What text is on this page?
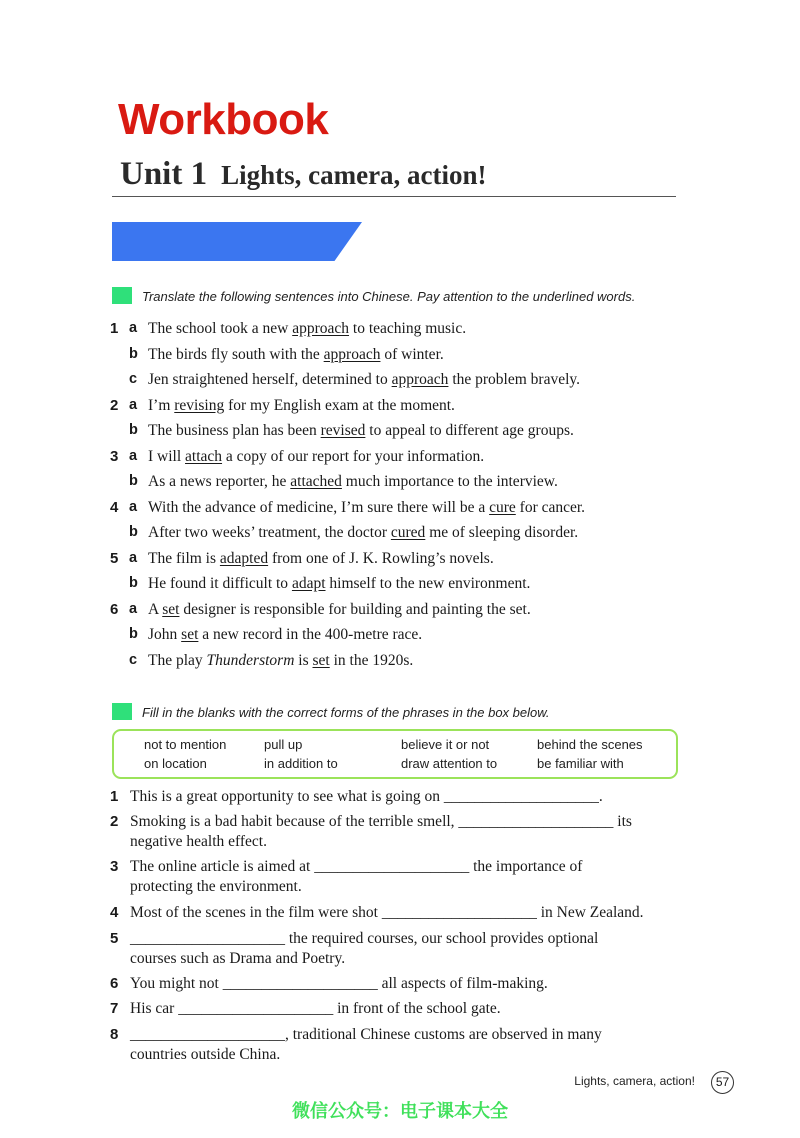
Workbook
Unit 1 Lights, camera, action!
Translate the following sentences into Chinese. Pay attention to the underlined words.
1 a The school took a new approach to teaching music.
b The birds fly south with the approach of winter.
c Jen straightened herself, determined to approach the problem bravely.
2 a I’m revising for my English exam at the moment.
b The business plan has been revised to appeal to different age groups.
3 a I will attach a copy of our report for your information.
b As a news reporter, he attached much importance to the interview.
4 a With the advance of medicine, I’m sure there will be a cure for cancer.
b After two weeks’ treatment, the doctor cured me of sleeping disorder.
5 a The film is adapted from one of J. K. Rowling’s novels.
b He found it difficult to adapt himself to the new environment.
6 a A set designer is responsible for building and painting the set.
b John set a new record in the 400-metre race.
c The play Thunderstorm is set in the 1920s.
Fill in the blanks with the correct forms of the phrases in the box below.
not to mention	pull up	believe it or not	behind the scenes
on location	in addition to	draw attention to	be familiar with
1 This is a great opportunity to see what is going on ____________________.
2 Smoking is a bad habit because of the terrible smell, ____________________ its
negative health effect.
3 The online article is aimed at ____________________ the importance of
protecting the environment.
4 Most of the scenes in the film were shot ____________________ in New Zealand.
5 ____________________ the required courses, our school provides optional
courses such as Drama and Poetry.
6 You might not ____________________ all aspects of film-making.
7 His car ____________________ in front of the school gate.
8 ____________________, traditional Chinese customs are observed in many
countries outside China.
Lights, camera, action!	57
微信公众号：电子课本大全
